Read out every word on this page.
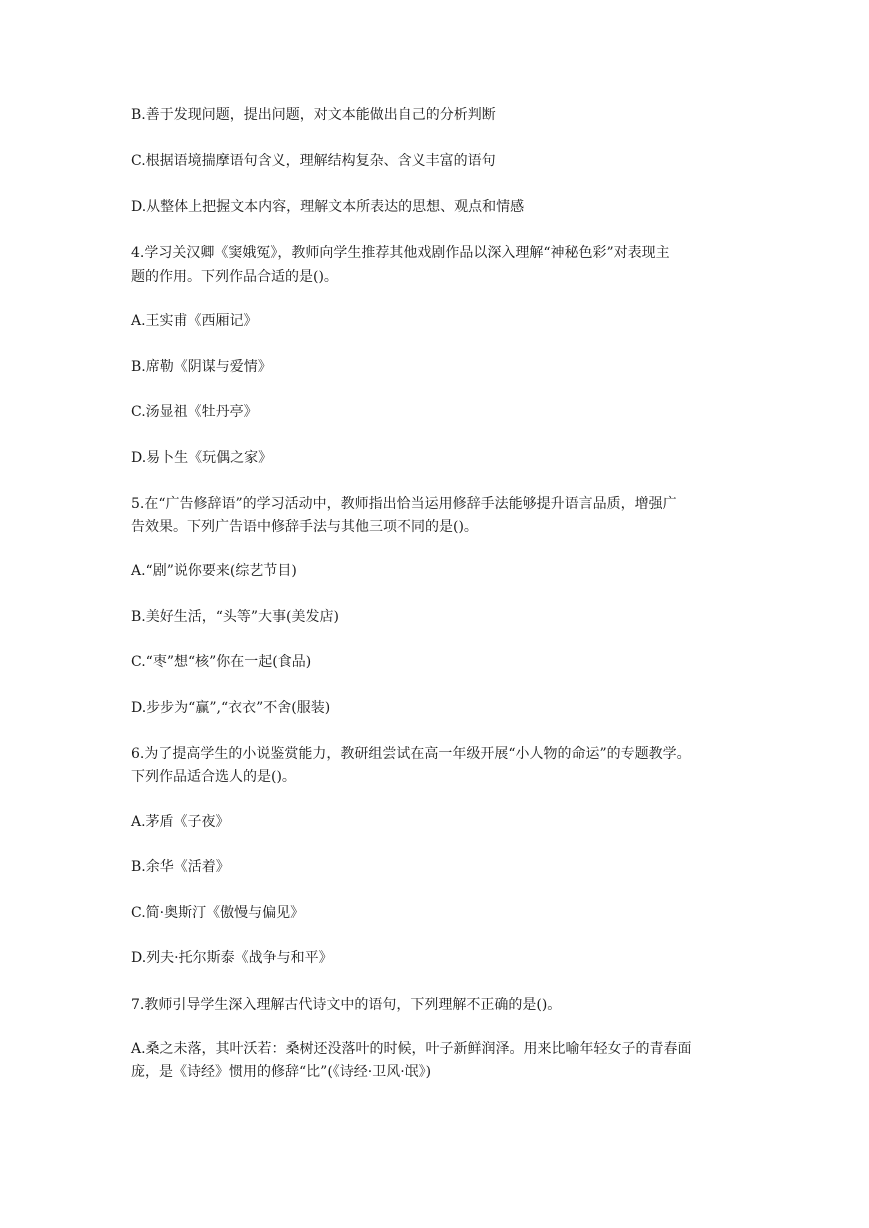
B.善于发现问题，提出问题，对文本能做出自己的分析判断
C.根据语境揣摩语句含义，理解结构复杂、含义丰富的语句
D.从整体上把握文本内容，理解文本所表达的思想、观点和情感
4.学习关汉卿《窦娥冤》，教师向学生推荐其他戏剧作品以深入理解“神秘色彩”对表现主
题的作用。下列作品合适的是()。
A.王实甫《西厢记》
B.席勒《阴谋与爱情》
C.汤显祖《牡丹亭》
D.易卜生《玩偶之家》
5.在“广告修辞语”的学习活动中，教师指出恰当运用修辞手法能够提升语言品质，增强广
告效果。下列广告语中修辞手法与其他三项不同的是()。
A.“剧”说你要来(综艺节目)
B.美好生活，“头等”大事(美发店)
C.“枣”想“核”你在一起(食品)
D.步步为“赢”,“衣衣”不舍(服装)
6.为了提高学生的小说鉴赏能力，教研组尝试在高一年级开展“小人物的命运”的专题教学。
下列作品适合选人的是()。
A.茅盾《子夜》
B.余华《活着》
C.简·奥斯汀《傲慢与偏见》
D.列夫·托尔斯泰《战争与和平》
7.教师引导学生深入理解古代诗文中的语句，下列理解不正确的是()。
A.桑之未落，其叶沃若：桑树还没落叶的时候，叶子新鲜润泽。用来比喻年轻女子的青春面
庞，是《诗经》惯用的修辞“比”(《诗经·卫风·氓》)
